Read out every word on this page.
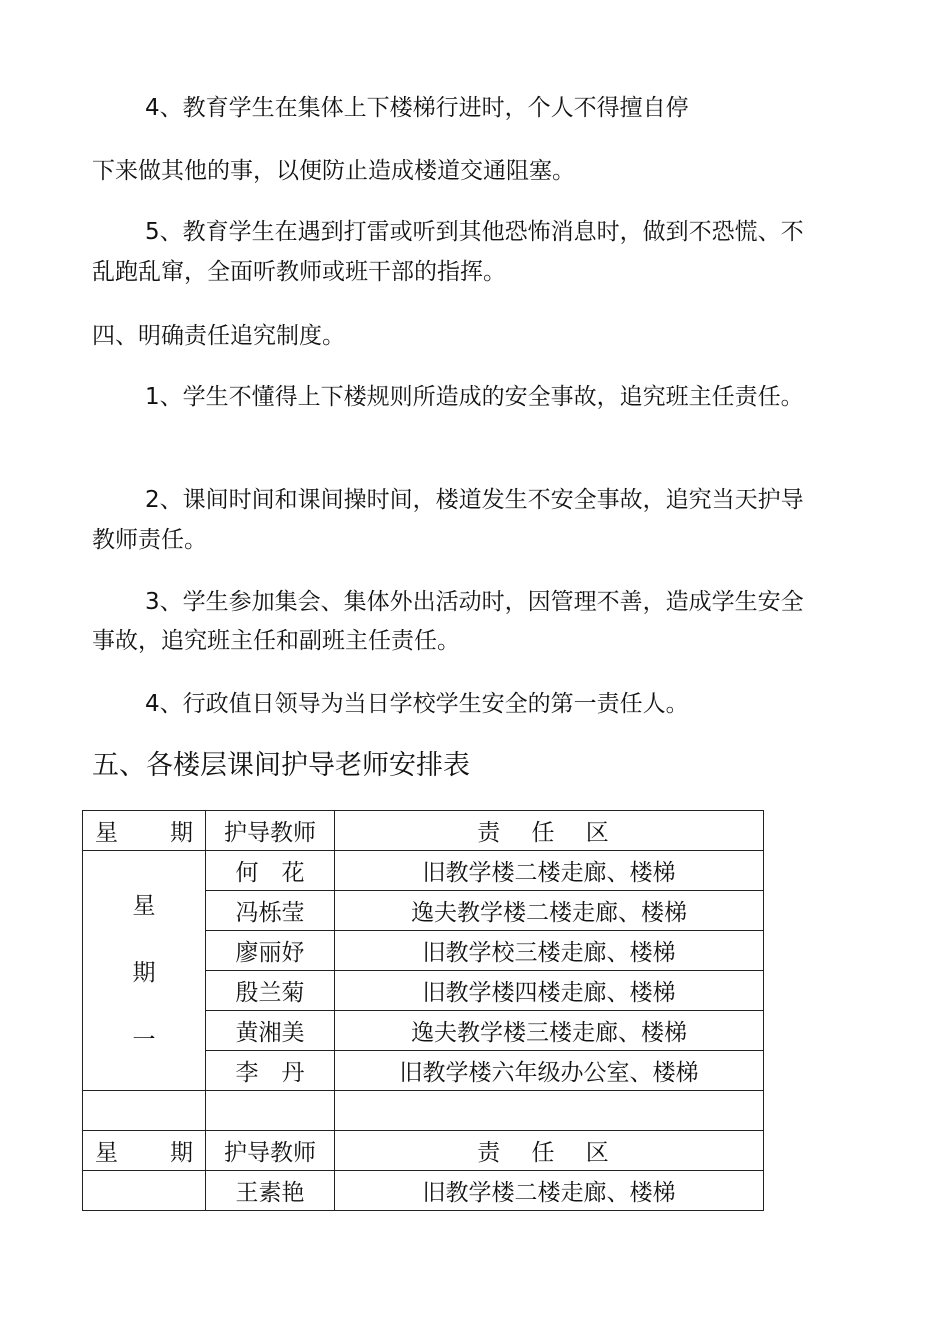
4、教育学生在集体上下楼梯行进时，个人不得擅自停
下来做其他的事，以便防止造成楼道交通阻塞。
5、教育学生在遇到打雷或听到其他恐怖消息时，做到不恐慌、不
乱跑乱窜，全面听教师或班干部的指挥。
四、明确责任追究制度。
1、学生不懂得上下楼规则所造成的安全事故，追究班主任责任。
2、课间时间和课间操时间，楼道发生不安全事故，追究当天护导
教师责任。
3、学生参加集会、集体外出活动时，因管理不善，造成学生安全
事故，追究班主任和副班主任责任。
4、行政值日领导为当日学校学生安全的第一责任人。
五、各楼层课间护导老师安排表
星 期	护导教师	责 任 区

星
期
一	何　花	旧教学楼二楼走廊、楼梯
	冯栎莹	逸夫教学楼二楼走廊、楼梯
	廖丽妤	旧教学校三楼走廊、楼梯
	殷兰菊	旧教学楼四楼走廊、楼梯
	黄湘美	逸夫教学楼三楼走廊、楼梯
	李　丹	旧教学楼六年级办公室、楼梯

星 期	护导教师	责 任 区
	王素艳	旧教学楼二楼走廊、楼梯
